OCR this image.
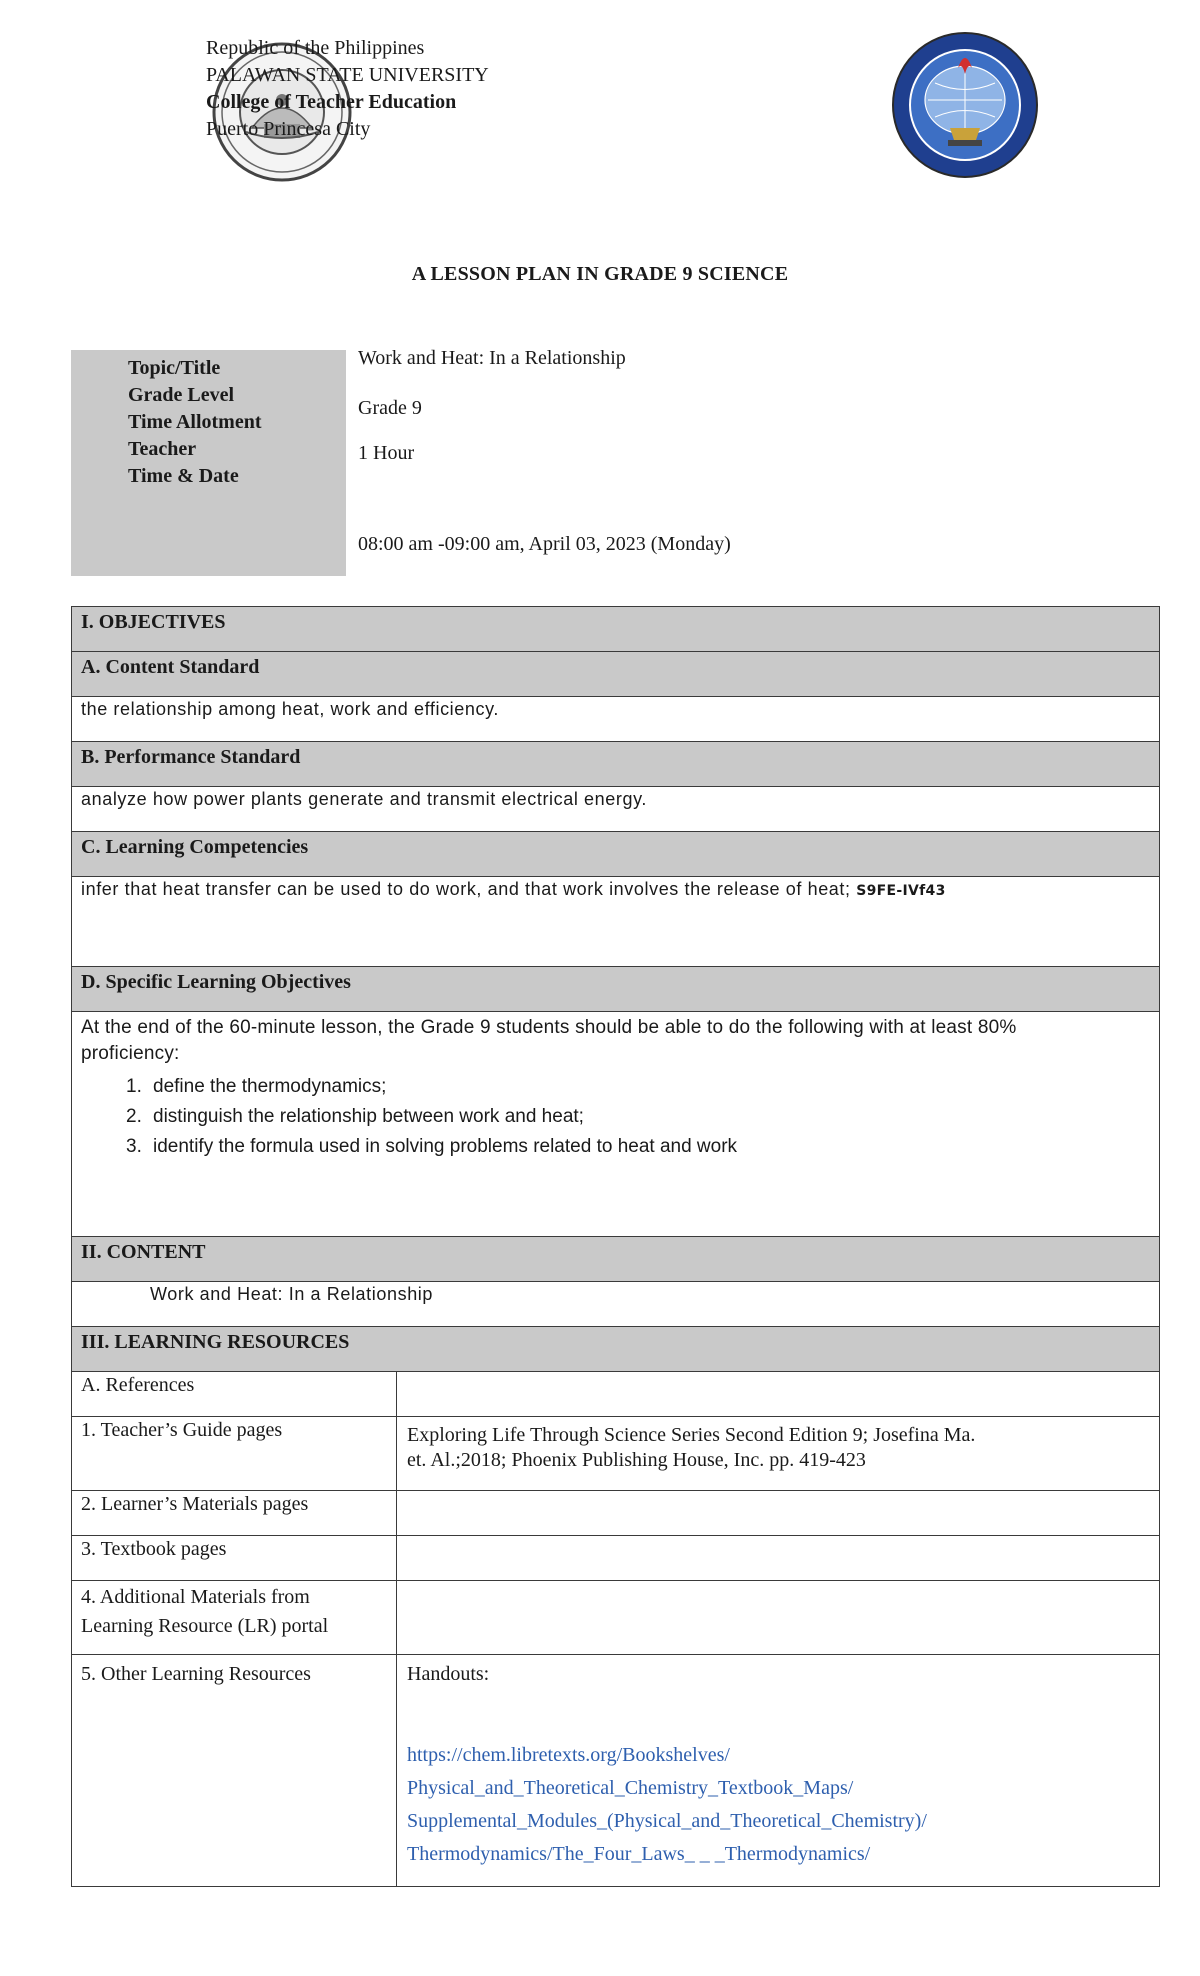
Republic of the Philippines
PALAWAN STATE UNIVERSITY
College of Teacher Education
Puerto Princesa City
A LESSON PLAN IN GRADE 9 SCIENCE
Topic/Title
Grade Level
Time Allotment
Teacher
Time & Date
Work and Heat: In a Relationship
Grade 9
1 Hour
08:00 am -09:00 am, April 03, 2023 (Monday)
I. OBJECTIVES
A. Content Standard
the relationship among heat, work and efficiency.
B. Performance Standard
analyze how power plants generate and transmit electrical energy.
C. Learning Competencies
infer that heat transfer can be used to do work, and that work involves the release of heat; S9FE-IVf43
D. Specific Learning Objectives
At the end of the 60-minute lesson, the Grade 9 students should be able to do the following with at least 80%
proficiency:
1. define the thermodynamics;
2. distinguish the relationship between work and heat;
3. identify the formula used in solving problems related to heat and work
II. CONTENT
Work and Heat: In a Relationship
III. LEARNING RESOURCES
A. References
1. Teacher’s Guide pages	Exploring Life Through Science Series Second Edition 9; Josefina Ma.
et. Al.;2018; Phoenix Publishing House, Inc. pp. 419-423
2. Learner’s Materials pages
3. Textbook pages
4. Additional Materials from
Learning Resource (LR) portal
5. Other Learning Resources	Handouts:
https://chem.libretexts.org/Bookshelves/
Physical_and_Theoretical_Chemistry_Textbook_Maps/
Supplemental_Modules_(Physical_and_Theoretical_Chemistry)/
Thermodynamics/The_Four_Laws_ _ _Thermodynamics/
